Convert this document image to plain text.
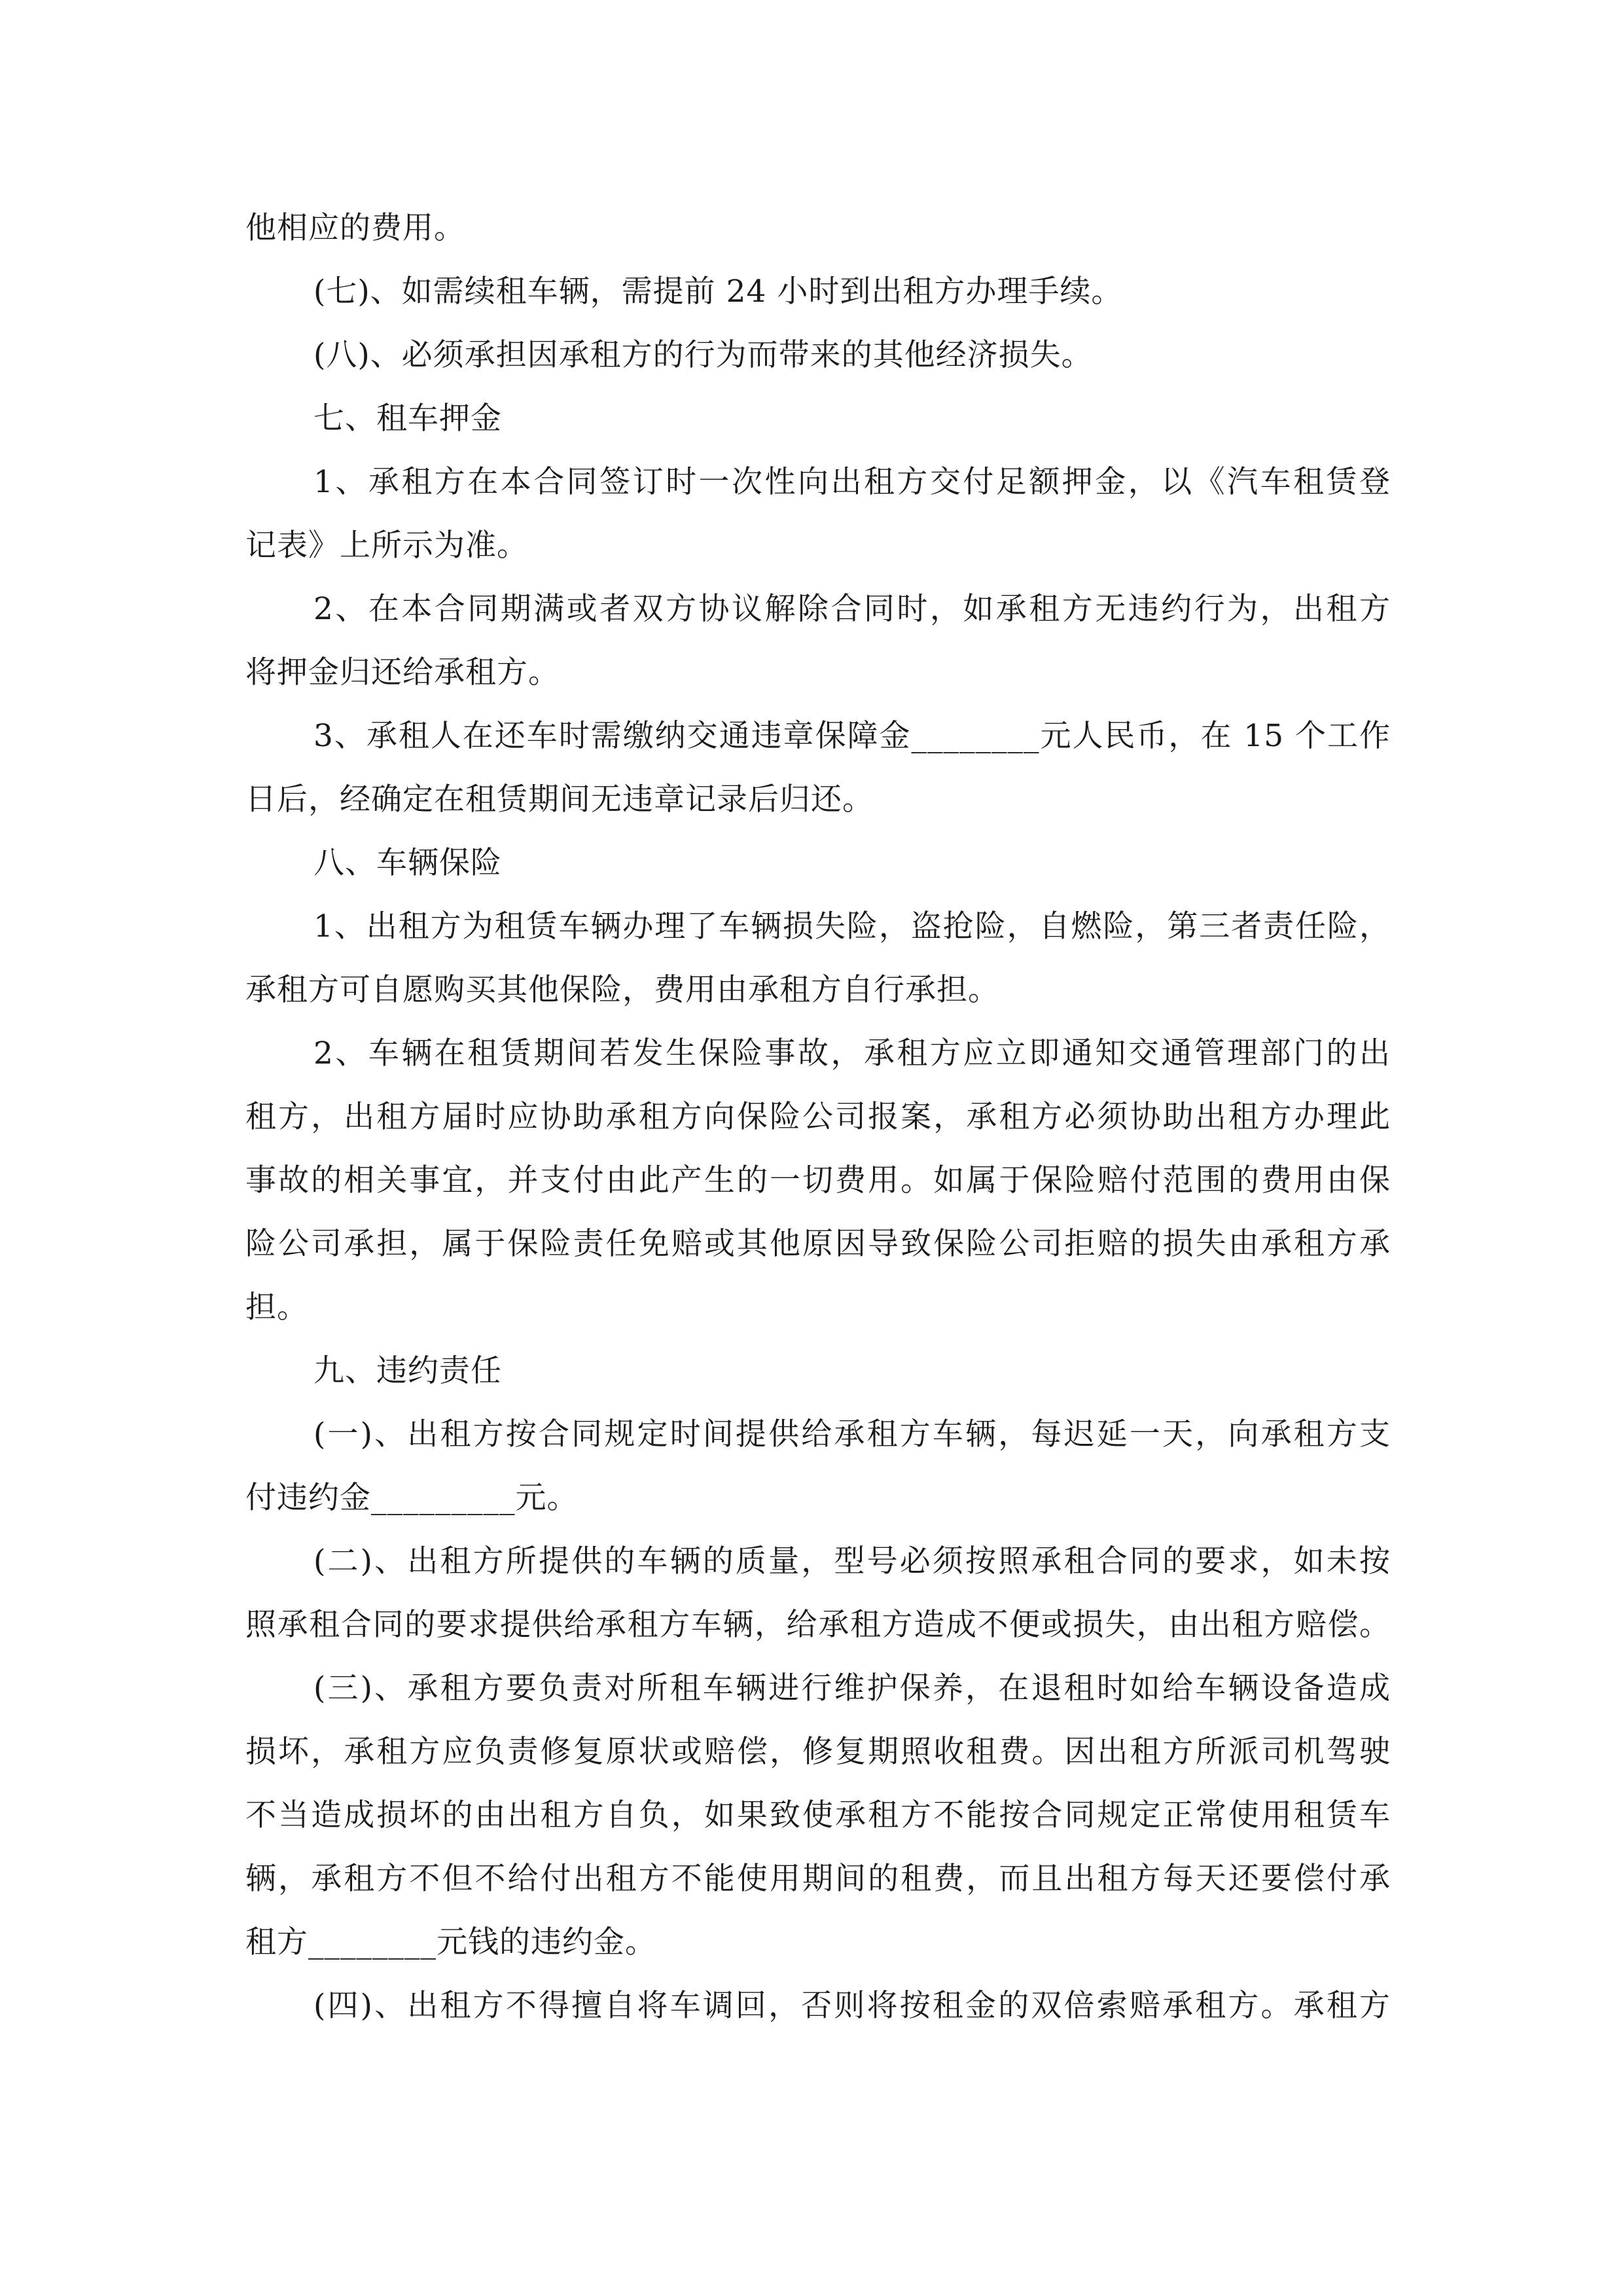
他相应的费用。
(七)、如需续租车辆，需提前 24 小时到出租方办理手续。
(八)、必须承担因承租方的行为而带来的其他经济损失。
七、租车押金
1、承租方在本合同签订时一次性向出租方交付足额押金，以《汽车租赁登
记表》上所示为准。
2、在本合同期满或者双方协议解除合同时，如承租方无违约行为，出租方
将押金归还给承租方。
3、承租人在还车时需缴纳交通违章保障金________元人民币，在 15 个工作
日后，经确定在租赁期间无违章记录后归还。
八、车辆保险
1、出租方为租赁车辆办理了车辆损失险，盗抢险，自燃险，第三者责任险，
承租方可自愿购买其他保险，费用由承租方自行承担。
2、车辆在租赁期间若发生保险事故，承租方应立即通知交通管理部门的出
租方，出租方届时应协助承租方向保险公司报案，承租方必须协助出租方办理此
事故的相关事宜，并支付由此产生的一切费用。如属于保险赔付范围的费用由保
险公司承担，属于保险责任免赔或其他原因导致保险公司拒赔的损失由承租方承
担。
九、违约责任
(一)、出租方按合同规定时间提供给承租方车辆，每迟延一天，向承租方支
付违约金_________元。
(二)、出租方所提供的车辆的质量，型号必须按照承租合同的要求，如未按
照承租合同的要求提供给承租方车辆，给承租方造成不便或损失，由出租方赔偿。
(三)、承租方要负责对所租车辆进行维护保养，在退租时如给车辆设备造成
损坏，承租方应负责修复原状或赔偿，修复期照收租费。因出租方所派司机驾驶
不当造成损坏的由出租方自负，如果致使承租方不能按合同规定正常使用租赁车
辆，承租方不但不给付出租方不能使用期间的租费，而且出租方每天还要偿付承
租方________元钱的违约金。
(四)、出租方不得擅自将车调回，否则将按租金的双倍索赔承租方。承租方
